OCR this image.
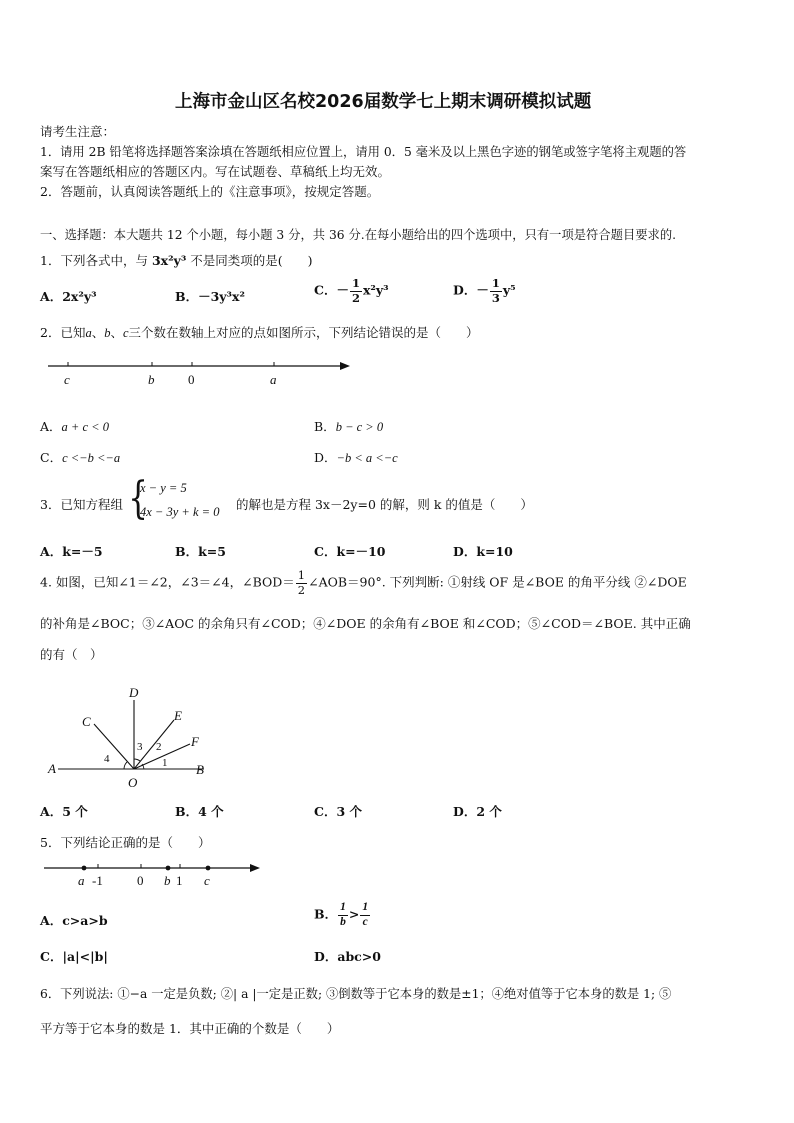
上海市金山区名校2026届数学七上期末调研模拟试题
请考生注意：
1．请用 2B 铅笔将选择题答案涂填在答题纸相应位置上，请用 0．5 毫米及以上黑色字迹的钢笔或签字笔将主观题的答
案写在答题纸相应的答题区内。写在试题卷、草稿纸上均无效。
2．答题前，认真阅读答题纸上的《注意事项》，按规定答题。
一、选择题：本大题共 12 个小题，每小题 3 分，共 36 分.在每小题给出的四个选项中，只有一项是符合题目要求的.
1．下列各式中，与 3x²y³ 不是同类项的是(　　)
A．2x²y³	B．－3y³x²	C．－ $\frac{1}{2} x^2y^3$	D．－ $\frac{1}{3} y^5$
2．已知a、b、c三个数在数轴上对应的点如图所示，下列结论错误的是（　　）
c	b	0	a
A．a + c < 0	B．b − c > 0
C．c <−b <−a	D．−b < a <−c
3．已知方程组 {
x − y = 5
4x − 3y + k = 0 的解也是方程 3x－2y=0 的解，则 k 的值是（　　）
A．k=－5	B．k=5	C．k=－10	D．k=10
4. 如图，已知∠1＝∠2，∠3＝∠4，∠BOD＝ $\frac{1}{2}$ ∠AOB＝90°. 下列判断: ①射线 OF 是∠BOE 的角平分线 ②∠DOE
的补角是∠BOC；③∠AOC 的余角只有∠COD；④∠DOE 的余角有∠BOE 和∠COD；⑤∠COD＝∠BOE. 其中正确
的有（　）
A	B
C
D
E
F
O
1
2
3
4
A．5 个	B．4 个	C．3 个	D．2 个
5．下列结论正确的是（　　）
a -1	0 b 1 c
A．c>a>b	B． $\frac{1}{b} > \frac{1}{c}$
C．|a|<|b|	D．abc>0
6．下列说法: ①−a 一定是负数; ②| a |一定是正数; ③倒数等于它本身的数是±1；④绝对值等于它本身的数是 1; ⑤
平方等于它本身的数是 1．其中正确的个数是（　　）
